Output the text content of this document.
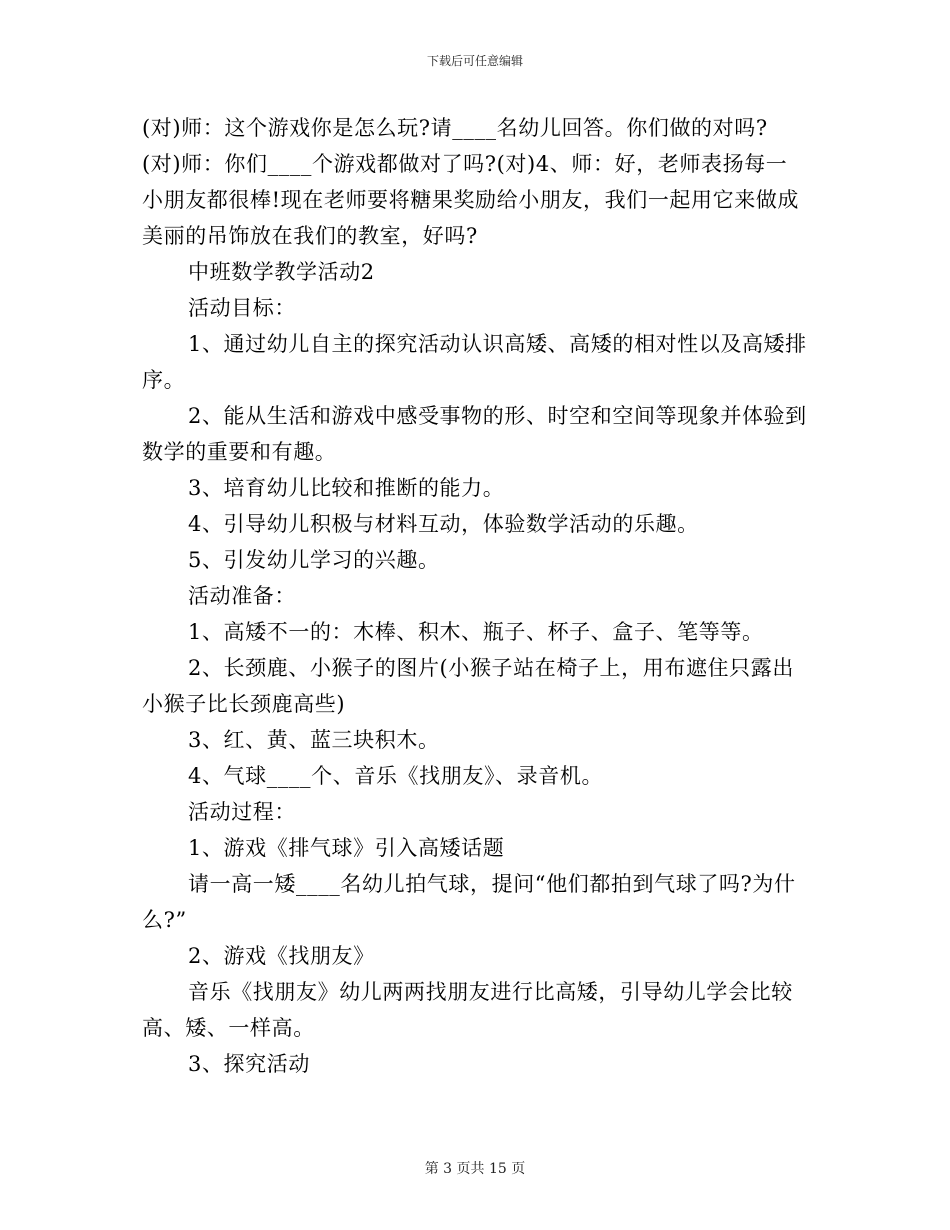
下载后可任意编辑
(对)师：这个游戏你是怎么玩?请____名幼儿回答。你们做的对吗?
(对)师：你们____个游戏都做对了吗?(对)4、师：好，老师表扬每一
小朋友都很棒!现在老师要将糖果奖励给小朋友，我们一起用它来做成
美丽的吊饰放在我们的教室，好吗?
中班数学教学活动2
活动目标：
1、通过幼儿自主的探究活动认识高矮、高矮的相对性以及高矮排
序。
2、能从生活和游戏中感受事物的形、时空和空间等现象并体验到
数学的重要和有趣。
3、培育幼儿比较和推断的能力。
4、引导幼儿积极与材料互动，体验数学活动的乐趣。
5、引发幼儿学习的兴趣。
活动准备：
1、高矮不一的：木棒、积木、瓶子、杯子、盒子、笔等等。
2、长颈鹿、小猴子的图片(小猴子站在椅子上，用布遮住只露出
小猴子比长颈鹿高些)
3、红、黄、蓝三块积木。
4、气球____个、音乐《找朋友》、录音机。
活动过程：
1、游戏《排气球》引入高矮话题
请一高一矮____名幼儿拍气球，提问“他们都拍到气球了吗?为什
么?”
2、游戏《找朋友》
音乐《找朋友》幼儿两两找朋友进行比高矮，引导幼儿学会比较
高、矮、一样高。
3、探究活动
第 3 页共 15 页
